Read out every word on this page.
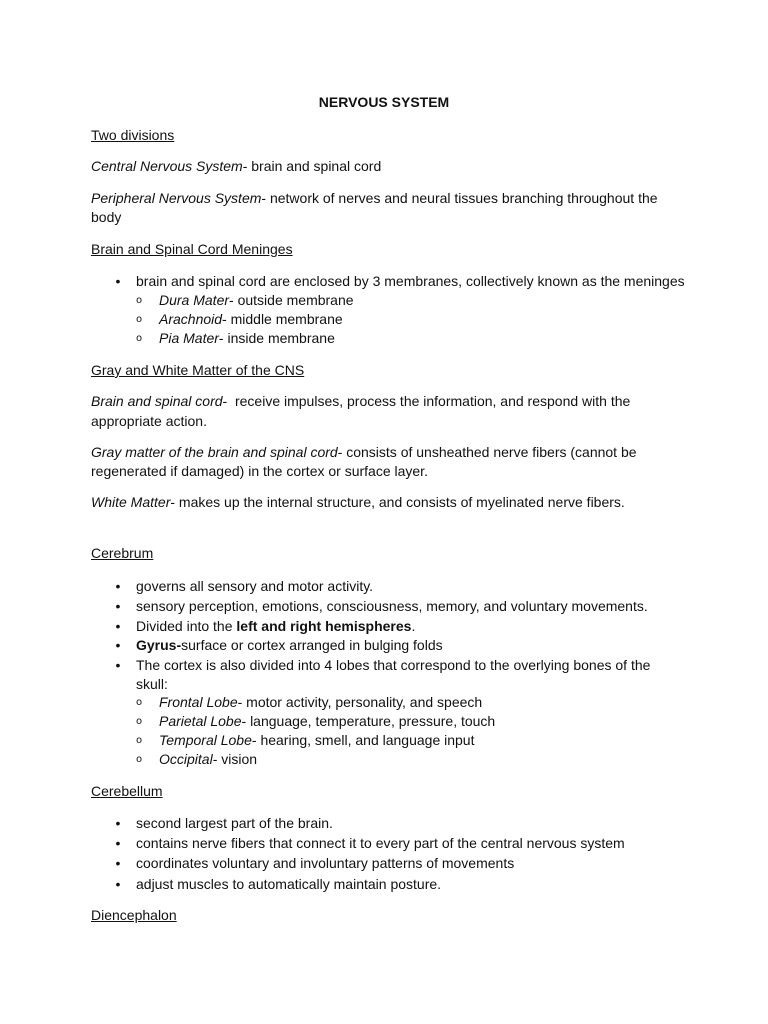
NERVOUS SYSTEM
Two divisions
Central Nervous System- brain and spinal cord
Peripheral Nervous System- network of nerves and neural tissues branching throughout the
body
Brain and Spinal Cord Meninges
• brain and spinal cord are enclosed by 3 membranes, collectively known as the meninges
o Dura Mater- outside membrane
o Arachnoid- middle membrane
o Pia Mater- inside membrane
Gray and White Matter of the CNS
Brain and spinal cord-  receive impulses, process the information, and respond with the
appropriate action.
Gray matter of the brain and spinal cord- consists of unsheathed nerve fibers (cannot be
regenerated if damaged) in the cortex or surface layer.
White Matter- makes up the internal structure, and consists of myelinated nerve fibers.
Cerebrum
• governs all sensory and motor activity.
• sensory perception, emotions, consciousness, memory, and voluntary movements.
• Divided into the left and right hemispheres.
• Gyrus-surface or cortex arranged in bulging folds
• The cortex is also divided into 4 lobes that correspond to the overlying bones of the
skull:
o Frontal Lobe- motor activity, personality, and speech
o Parietal Lobe- language, temperature, pressure, touch
o Temporal Lobe- hearing, smell, and language input
o Occipital- vision
Cerebellum
• second largest part of the brain.
• contains nerve fibers that connect it to every part of the central nervous system
• coordinates voluntary and involuntary patterns of movements
• adjust muscles to automatically maintain posture.
Diencephalon
